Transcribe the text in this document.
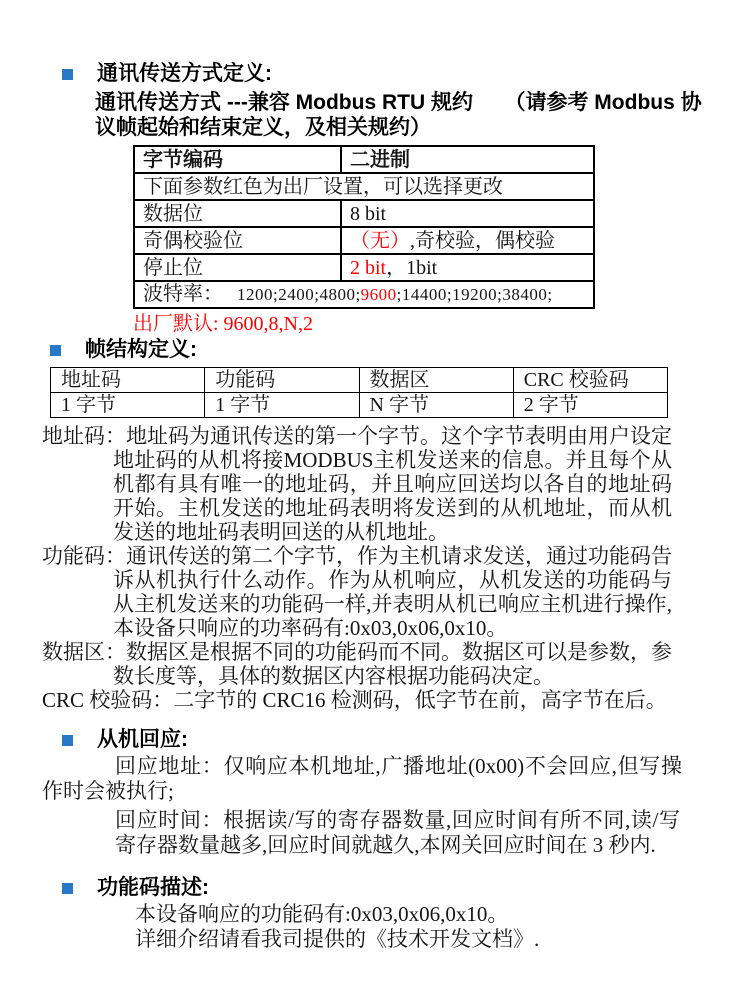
通讯传送方式定义:
通讯传送方式 ---兼容 Modbus RTU 规约　　（请参考 Modbus 协议帧起始和结束定义，及相关规约）
字节编码	二进制
下面参数红色为出厂设置，可以选择更改	
数据位	8 bit
奇偶校验位	（无）,奇校验，偶校验
停止位	2 bit，1bit
波特率： 1200;2400;4800;9600;14400;19200;38400;	
出厂默认: 9600,8,N,2
帧结构定义:
地址码	功能码	数据区	CRC 校验码
1 字节	1 字节	N 字节	2 字节

地址码：地址码为通讯传送的第一个字节。这个字节表明由用户设定地址码的从机将接MODBUS主机发送来的信息。并且每个从机都有具有唯一的地址码，并且响应回送均以各自的地址码开始。主机发送的地址码表明将发送到的从机地址，而从机发送的地址码表明回送的从机地址。

功能码：通讯传送的第二个字节，作为主机请求发送，通过功能码告诉从机执行什么动作。作为从机响应，从机发送的功能码与从主机发送来的功能码一样,并表明从机已响应主机进行操作,本设备只响应的功率码有:0x03,0x06,0x10。

数据区：数据区是根据不同的功能码而不同。数据区可以是参数，参数长度等，具体的数据区内容根据功能码决定。

CRC 校验码：二字节的 CRC16 检测码，低字节在前，高字节在后。

从机回应:
回应地址：仅响应本机地址,广播地址(0x00)不会回应,但写操作时会被执行;
回应时间：根据读/写的寄存器数量,回应时间有所不同,读/写寄存器数量越多,回应时间就越久,本网关回应时间在 3 秒内.
功能码描述:
本设备响应的功能码有:0x03,0x06,0x10。
详细介绍请看我司提供的《技术开发文档》.
